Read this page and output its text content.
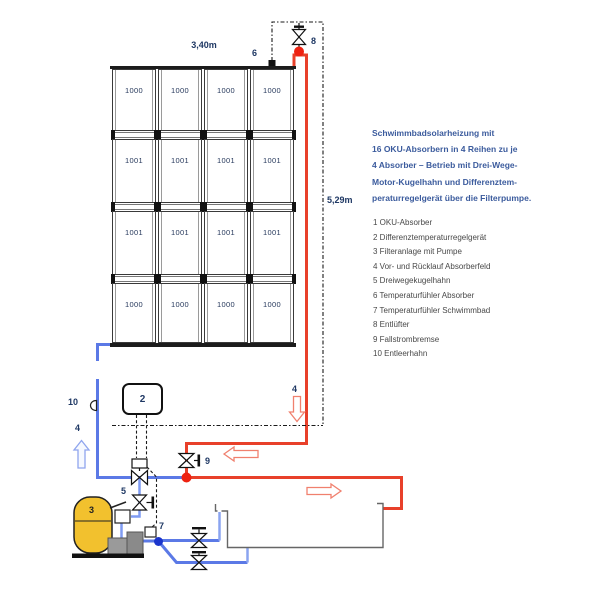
1000	1000	1000	1000
1001	1001	1001	1001
1001	1001	1001	1001
1000	1000	1000	1000
2
3,40m
5,29m
6
8
4
10
4
5
9
7
3
Schwimmbadsolarheizung mit
16 OKU-Absorbern in 4 Reihen zu je
4 Absorber – Betrieb mit Drei-Wege-
Motor-Kugelhahn und Differenztem-
peraturregelgerät über die Filterpumpe.
1 OKU-Absorber
2 Differenztemperaturregelgerät
3 Filteranlage mit Pumpe
4 Vor- und Rücklauf Absorberfeld
5 Dreiwegekugelhahn
6 Temperaturfühler Absorber
7 Temperaturfühler Schwimmbad
8 Entlüfter
9 Fallstrombremse
10 Entleerhahn
